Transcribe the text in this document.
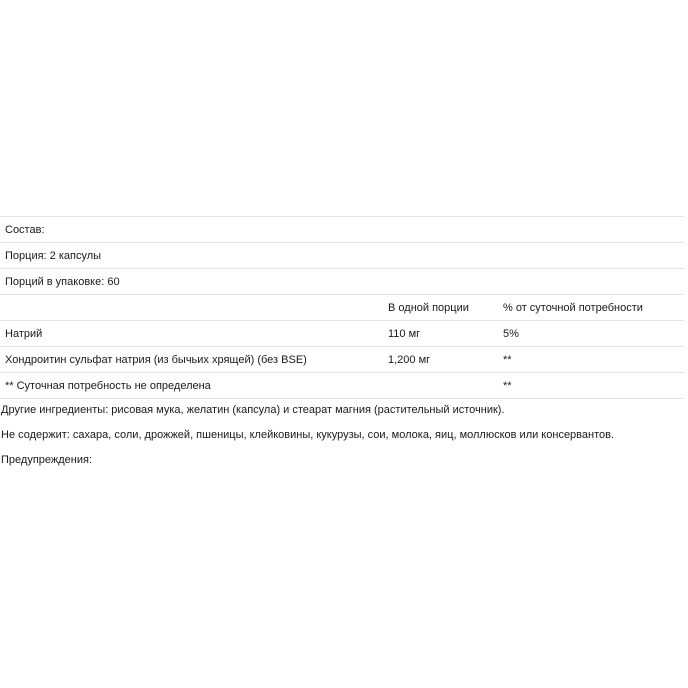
Состав:		
Порция: 2 капсулы		
Порций в упаковке: 60		
	В одной порции	% от суточной потребности
Натрий	110 мг	5%
Хондроитин сульфат натрия (из бычьих хрящей) (без BSE)	1,200 мг	**
** Суточная потребность не определена		**
Другие ингредиенты: рисовая мука, желатин (капсула) и стеарат магния (растительный источник).
Не содержит: сахара, соли, дрожжей, пшеницы, клейковины, кукурузы, сои, молока, яиц, моллюсков или консервантов.
Предупреждения:
